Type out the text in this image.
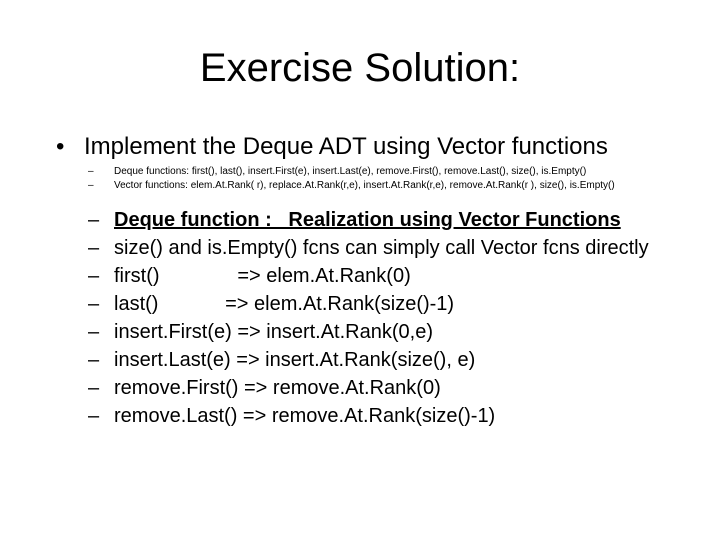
Exercise Solution:
• Implement the Deque ADT using Vector functions
– Deque functions: first(), last(), insert.First(e), insert.Last(e), remove.First(), remove.Last(), size(), is.Empty()
– Vector functions: elem.At.Rank( r), replace.At.Rank(r,e), insert.At.Rank(r,e), remove.At.Rank(r ), size(), is.Empty()
– Deque function :   Realization using Vector Functions
– size() and is.Empty() fcns can simply call Vector fcns directly
– first()              => elem.At.Rank(0)
– last()            => elem.At.Rank(size()-1)
– insert.First(e) => insert.At.Rank(0,e)
– insert.Last(e) => insert.At.Rank(size(), e)
– remove.First() => remove.At.Rank(0)
– remove.Last() => remove.At.Rank(size()-1)
